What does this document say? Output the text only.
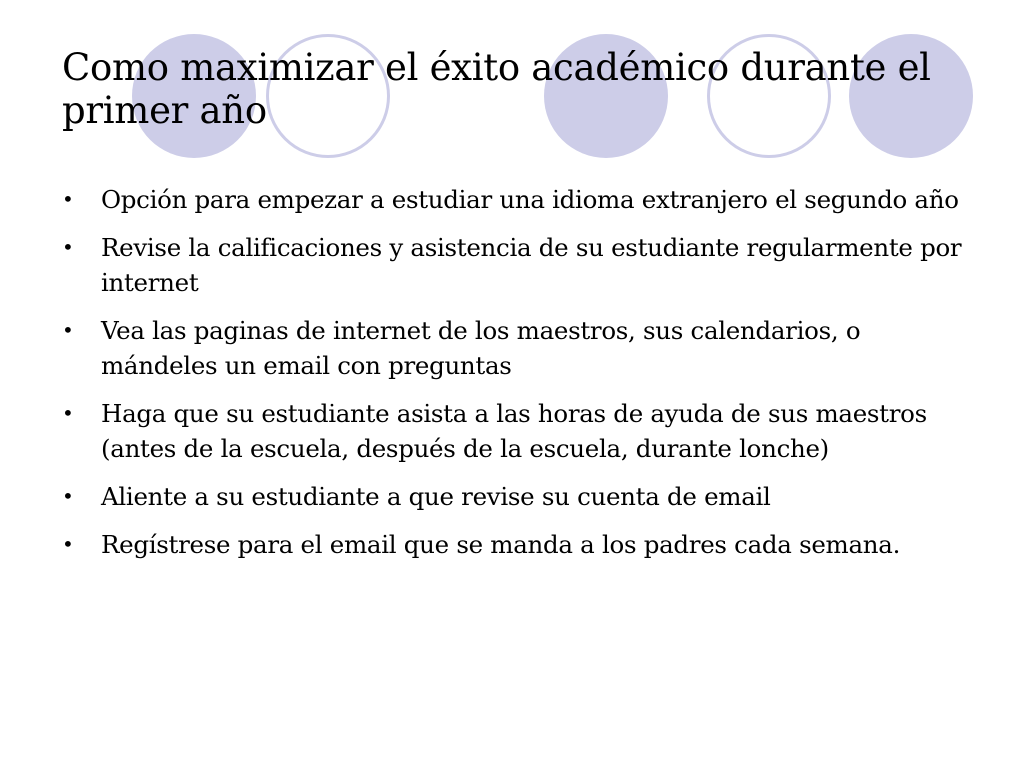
Como maximizar el éxito académico durante el primer año
• Opción para empezar a estudiar una idioma extranjero el segundo año
• Revise la calificaciones y asistencia de su estudiante regularmente por internet
• Vea las paginas de internet de los maestros, sus calendarios, o mándeles un email con preguntas
• Haga que su estudiante asista a las horas de ayuda de sus maestros (antes de la escuela, después de la escuela, durante lonche)
• Aliente a su estudiante a que revise su cuenta de email
• Regístrese para el email que se manda a los padres cada semana.
